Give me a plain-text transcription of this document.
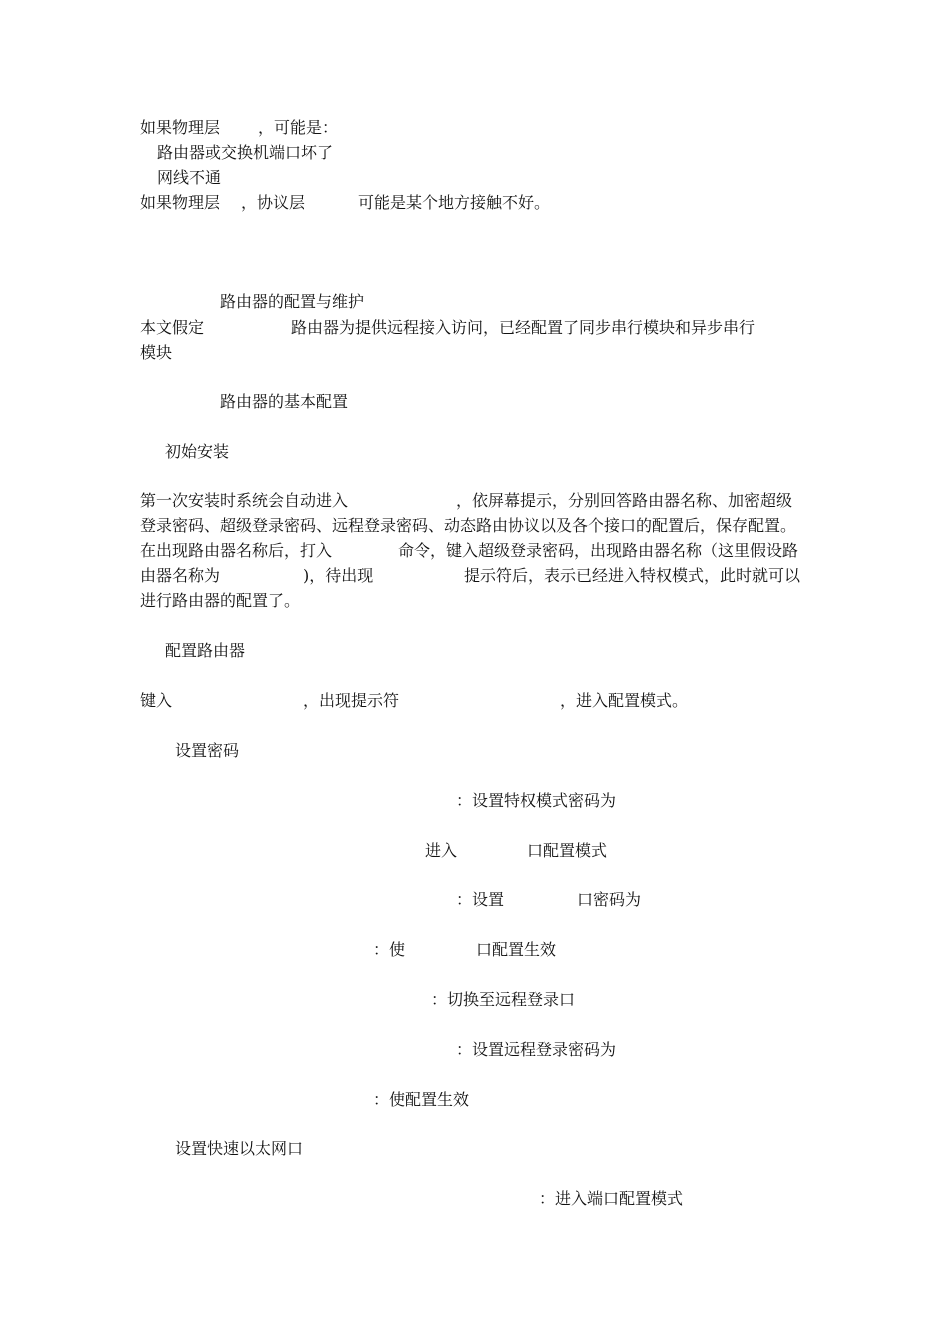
如果物理层 ，可能是：
路由器或交换机端口坏了
网线不通
如果物理层 ，协议层	可能是某个地方接触不好。
路由器的配置与维护
本文假定	路由器为提供远程接入访问，已经配置了同步串行模块和异步串行
模块
路由器的基本配置
初始安装
第一次安装时系统会自动进入	，依屏幕提示，分别回答路由器名称、加密超级
登录密码、超级登录密码、远程登录密码、动态路由协议以及各个接口的配置后，保存配置。
在出现路由器名称后，打入	命令，键入超级登录密码，出现路由器名称（这里假设路
由器名称为	)，待出现	提示符后，表示已经进入特权模式，此时就可以
进行路由器的配置了。
配置路由器
键入	，出现提示符	，进入配置模式。
设置密码
：设置特权模式密码为
进入	口配置模式
：设置	口密码为
：使	口配置生效
：切换至远程登录口
：设置远程登录密码为
：使配置生效
设置快速以太网口
：进入端口配置模式
